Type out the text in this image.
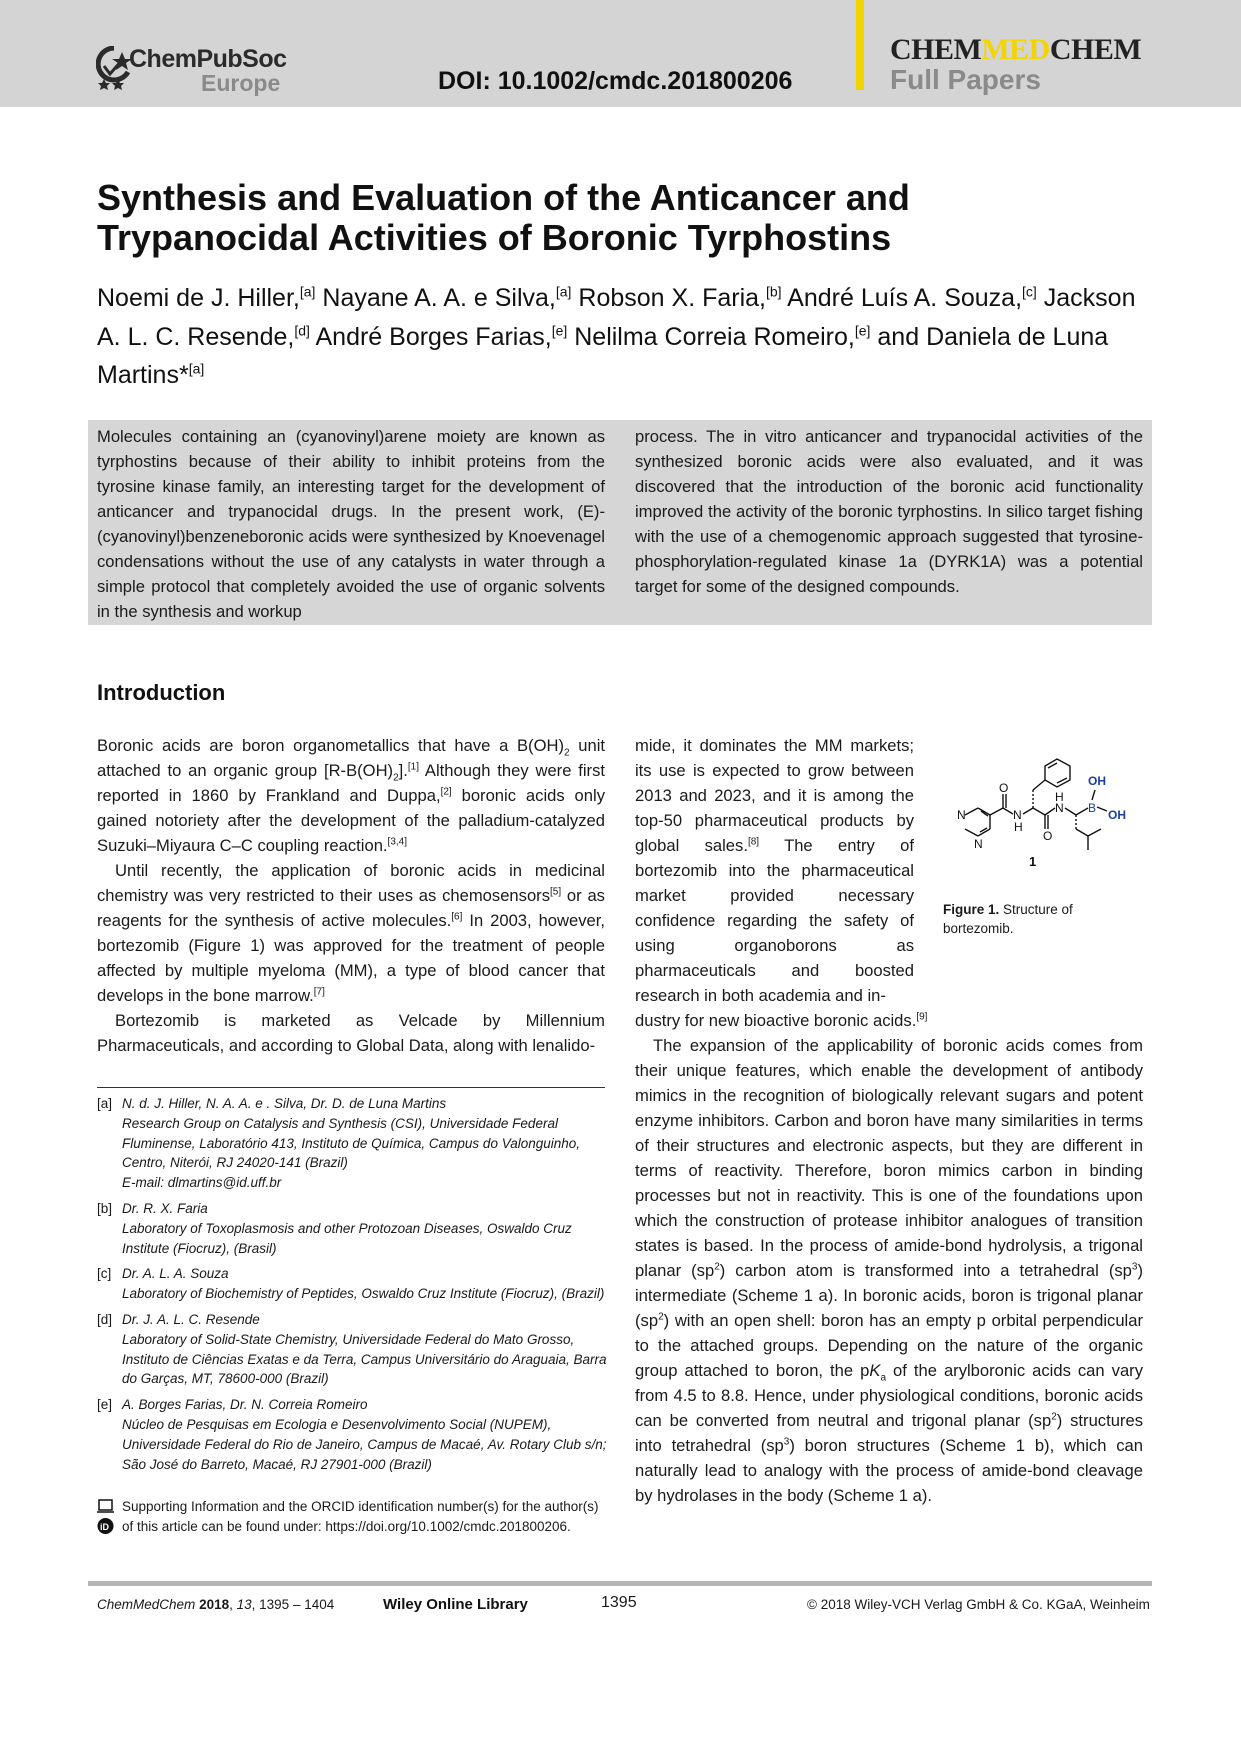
ChemPubSoc
Europe	DOI: 10.1002/cmdc.201800206
CHEMMEDCHEM
Full Papers
Synthesis and Evaluation of the Anticancer and Trypanocidal Activities of Boronic Tyrphostins
Noemi de J. Hiller,[a] Nayane A. A. e Silva,[a] Robson X. Faria,[b] André Luís A. Souza,[c] Jackson A. L. C. Resende,[d] André Borges Farias,[e] Nelilma Correia Romeiro,[e] and Daniela de Luna Martins*[a]
Molecules containing an (cyanovinyl)arene moiety are known as tyrphostins because of their ability to inhibit proteins from the tyrosine kinase family, an interesting target for the development of anticancer and trypanocidal drugs. In the present work, (E)-(cyanovinyl)benzeneboronic acids were synthesized by Knoevenagel condensations without the use of any catalysts in water through a simple protocol that completely avoided the use of organic solvents in the synthesis and workup
process. The in vitro anticancer and trypanocidal activities of the synthesized boronic acids were also evaluated, and it was discovered that the introduction of the boronic acid functionality improved the activity of the boronic tyrphostins. In silico target fishing with the use of a chemogenomic approach suggested that tyrosine-phosphorylation-regulated kinase 1a (DYRK1A) was a potential target for some of the designed compounds.
Introduction

Boronic acids are boron organometallics that have a $B(OH)_2$ unit attached to an organic group $[R-B(OH)_2].[1]$ Although they were first reported in 1860 by Frankland and Duppa,[2] boronic acids only gained notoriety after the development of the palladium-catalyzed Suzuki–Miyaura C–C coupling reaction.[3,4]

Until recently, the application of boronic acids in medicinal chemistry was very restricted to their uses as chemosensors[5] or as reagents for the synthesis of active molecules.[6] In 2003, however, bortezomib (Figure 1) was approved for the treatment of people affected by multiple myeloma (MM), a type of blood cancer that develops in the bone marrow.[7]

Bortezomib is marketed as Velcade by Millennium Pharmaceuticals, and according to Global Data, along with lenalido-

mide, it dominates the MM markets; its use is expected to grow between 2013 and 2023, and it is among the top-50 pharmaceutical products by global sales.[8] The entry of bortezomib into the pharmaceutical market provided necessary confidence regarding the safety of using organoborons as pharmaceuticals and boosted research in both academia and in-

dustry for new bioactive boronic acids.[9]

The expansion of the applicability of boronic acids comes from their unique features, which enable the development of antibody mimics in the recognition of biologically relevant sugars and potent enzyme inhibitors. Carbon and boron have many similarities in terms of their structures and electronic aspects, but they are different in terms of reactivity. Therefore, boron mimics carbon in binding processes but not in reactivity. This is one of the foundations upon which the construction of protease inhibitor analogues of transition states is based. In the process of amide-bond hydrolysis, a trigonal planar $(sp^2)$ carbon atom is transformed into a tetrahedral $(sp^3)$ intermediate (Scheme 1 a). In boronic acids, boron is trigonal planar $(sp^2)$ with an open shell: boron has an empty p orbital perpendicular to the attached groups. Depending on the nature of the organic group attached to boron, the $pK_a$ of the arylboronic acids can vary from 4.5 to 8.8. Hence, under physiological conditions, boronic acids can be converted from neutral and trigonal planar $(sp^2)$ structures into tetrahedral $(sp^3)$ boron structures (Scheme 1 b), which can naturally lead to analogy with the process of amide-bond cleavage by hydrolases in the body (Scheme 1 a).

O
O
N
N
N
H
N
H
B
OH
OH
1
Figure 1. Structure of bortezomib.
[a] N. d. J. Hiller, N. A. A. e . Silva, Dr. D. de Luna Martins
Research Group on Catalysis and Synthesis (CSI), Universidade Federal Fluminense, Laboratório 413, Instituto de Química, Campus do Valonguinho, Centro, Niterói, RJ 24020-141 (Brazil)
E-mail: dlmartins@id.uff.br
[b] Dr. R. X. Faria
Laboratory of Toxoplasmosis and other Protozoan Diseases, Oswaldo Cruz Institute (Fiocruz), (Brasil)
[c] Dr. A. L. A. Souza
Laboratory of Biochemistry of Peptides, Oswaldo Cruz Institute (Fiocruz), (Brazil)
[d] Dr. J. A. L. C. Resende
Laboratory of Solid-State Chemistry, Universidade Federal do Mato Grosso, Instituto de Ciências Exatas e da Terra, Campus Universitário do Araguaia, Barra do Garças, MT, 78600-000 (Brazil)
[e] A. Borges Farias, Dr. N. Correia Romeiro
Núcleo de Pesquisas em Ecologia e Desenvolvimento Social (NUPEM), Universidade Federal do Rio de Janeiro, Campus de Macaé, Av. Rotary Club s/n; São José do Barreto, Macaé, RJ 27901-000 (Brazil)
iD
Supporting Information and the ORCID identification number(s) for the author(s) of this article can be found under: https://doi.org/10.1002/cmdc.201800206.
ChemMedChem 2018, 13, 1395 – 1404	Wiley Online Library	1395	© 2018 Wiley-VCH Verlag GmbH & Co. KGaA, Weinheim
